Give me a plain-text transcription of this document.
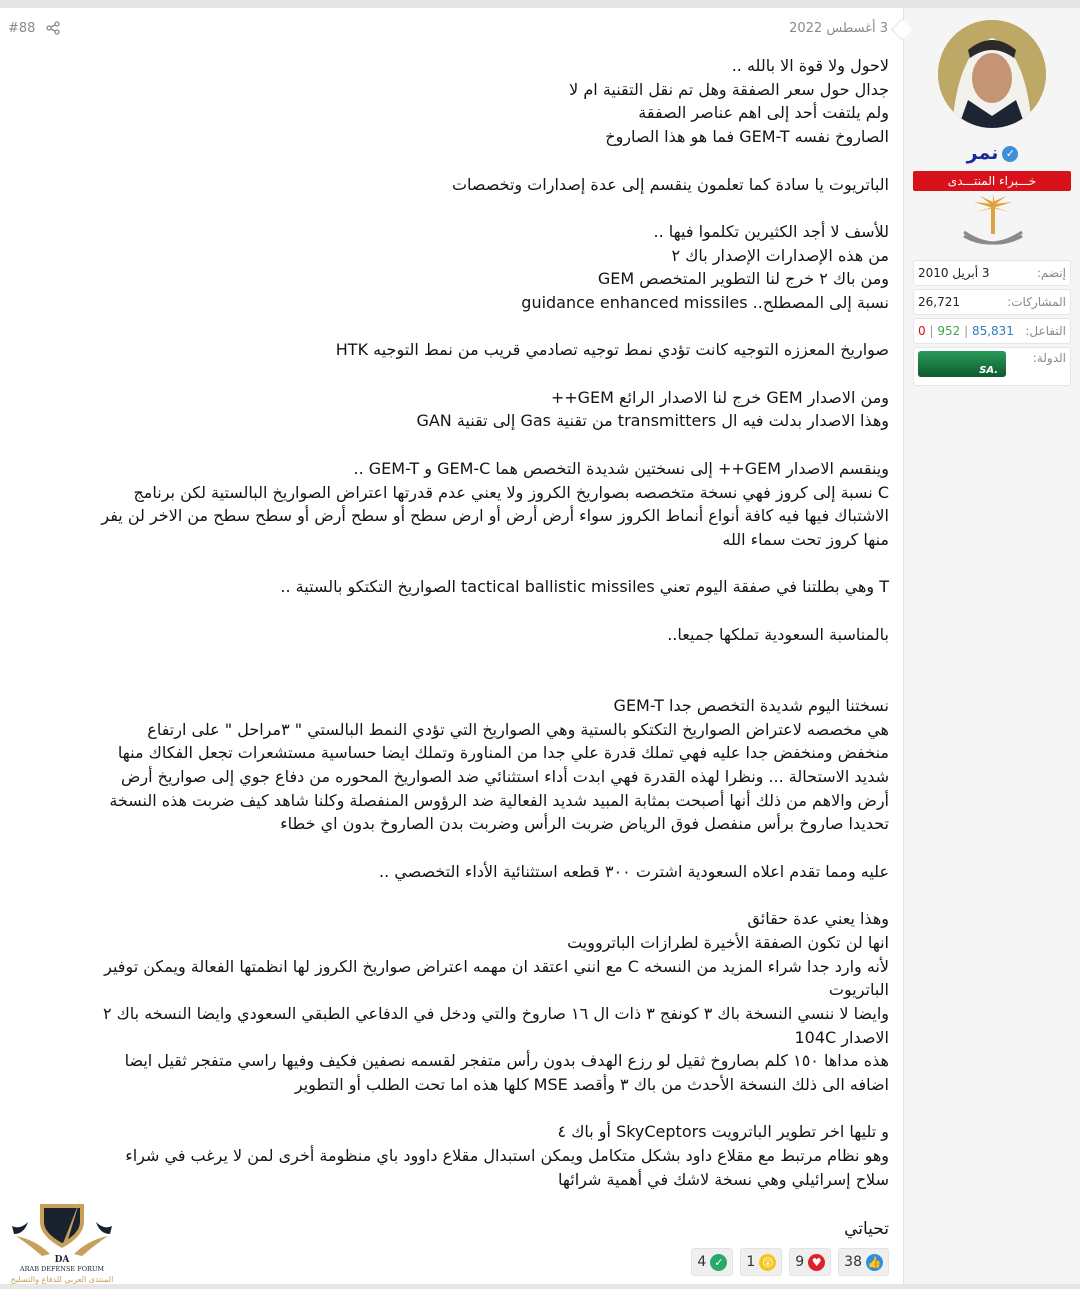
✓نمر
خـــبراء المنتـــدى
إنضم:
3 أبريل 2010
المشاركات:
26,721
التفاعل:
0 | 952 | 85,831
الدولة:
.SA
3 أغسطس 2022
#88
لاحول ولا قوة الا بالله ..
جدال حول سعر الصفقة وهل تم نقل التقنية ام لا
ولم يلتفت أحد إلى اهم عناصر الصفقة
الصاروخ نفسه GEM-T فما هو هذا الصاروخ
الباتريوت يا سادة كما تعلمون ينقسم إلى عدة إصدارات وتخصصات
للأسف لا أجد الكثيرين تكلموا فيها ..
من هذه الإصدارات الإصدار باك ٢
ومن باك ٢ خرج لنا التطوير المتخصص GEM
نسبة إلى المصطلح.. guidance enhanced missiles
صواريخ المعززه التوجيه كانت تؤدي نمط توجيه تصادمي قريب من نمط التوجيه HTK
ومن الاصدار GEM خرج لنا الاصدار الرائع GEM++
وهذا الاصدار بدلت فيه ال transmitters من تقنية Gas إلى تقنية GAN
وينقسم الاصدار GEM++ إلى نسختين شديدة التخصص هما GEM-C و GEM-T ..
C نسبة إلى كروز فهي نسخة متخصصه بصواريخ الكروز ولا يعني عدم قدرتها اعتراض الصواريخ البالستية لكن برنامج
الاشتباك فيها فيه كافة أنواع أنماط الكروز سواء أرض أرض أو ارض سطح أو سطح أرض أو سطح سطح من الاخر لن يفر
منها كروز تحت سماء الله
T وهي بطلتنا في صفقة اليوم تعني tactical ballistic missiles الصواريخ التكتكو بالستية ..
بالمناسبة السعودية تملكها جميعا..
نسختنا اليوم شديدة التخصص جدا GEM-T
هي مخصصه لاعتراض الصواريخ التكتكو بالستية وهي الصواريخ التي تؤدي النمط البالستي " ٣مراحل " على ارتفاع
منخفض ومنخفض جدا عليه فهي تملك قدرة علي جدا من المناورة وتملك ايضا حساسية مستشعرات تجعل الفكاك منها
شديد الاستحالة ... ونظرا لهذه القدرة فهي ابدت أداء استثنائي ضد الصواريخ المحوره من دفاع جوي إلى صواريخ أرض
أرض والاهم من ذلك أنها أصبحت بمثابة المبيد شديد الفعالية ضد الرؤوس المنفصلة وكلنا شاهد كيف ضربت هذه النسخة
تحديدا صاروخ برأس منفصل فوق الرياض ضربت الرأس وضربت بدن الصاروخ بدون اي خطاء
عليه ومما تقدم اعلاه السعودية اشترت ٣٠٠ قطعه استثنائية الأداء التخصصي ..
وهذا يعني عدة حقائق
انها لن تكون الصفقة الأخيرة لطرازات الباتروويت
لأنه وارد جدا شراء المزيد من النسخه C مع انني اعتقد ان مهمه اعتراض صواريخ الكروز لها انظمتها الفعالة ويمكن توفير
الباتريوت
وايضا لا ننسي النسخة باك ٣ كونفج ٣ ذات ال ١٦ صاروخ والتي ودخل في الدفاعي الطبقي السعودي وايضا النسخه باك ٢
الاصدار 104C
هذه مداها ١٥٠ كلم بصاروخ ثقيل لو رزع الهدف بدون رأس متفجر لقسمه نصفين فكيف وفيها راسي متفجر ثقيل ايضا
اضافه الى ذلك النسخة الأحدث من باك ٣ وأقصد MSE كلها هذه اما تحت الطلب أو التطوير
و تليها اخر تطوير الباترويت SkyCeptors أو باك ٤
وهو نظام مرتبط مع مقلاع داود بشكل متكامل ويمكن استبدال مقلاع داوود باي منظومة أخرى لمن لا يرغب في شراء
سلاح إسرائيلي وهي نسخة لاشك في أهمية شرائها
تحياتي
38 👍
9 ♥
1 😲
4 ✓
DA
ARAB DEFENSE FORUM
المنتدى العربي للدفاع والتسليح
